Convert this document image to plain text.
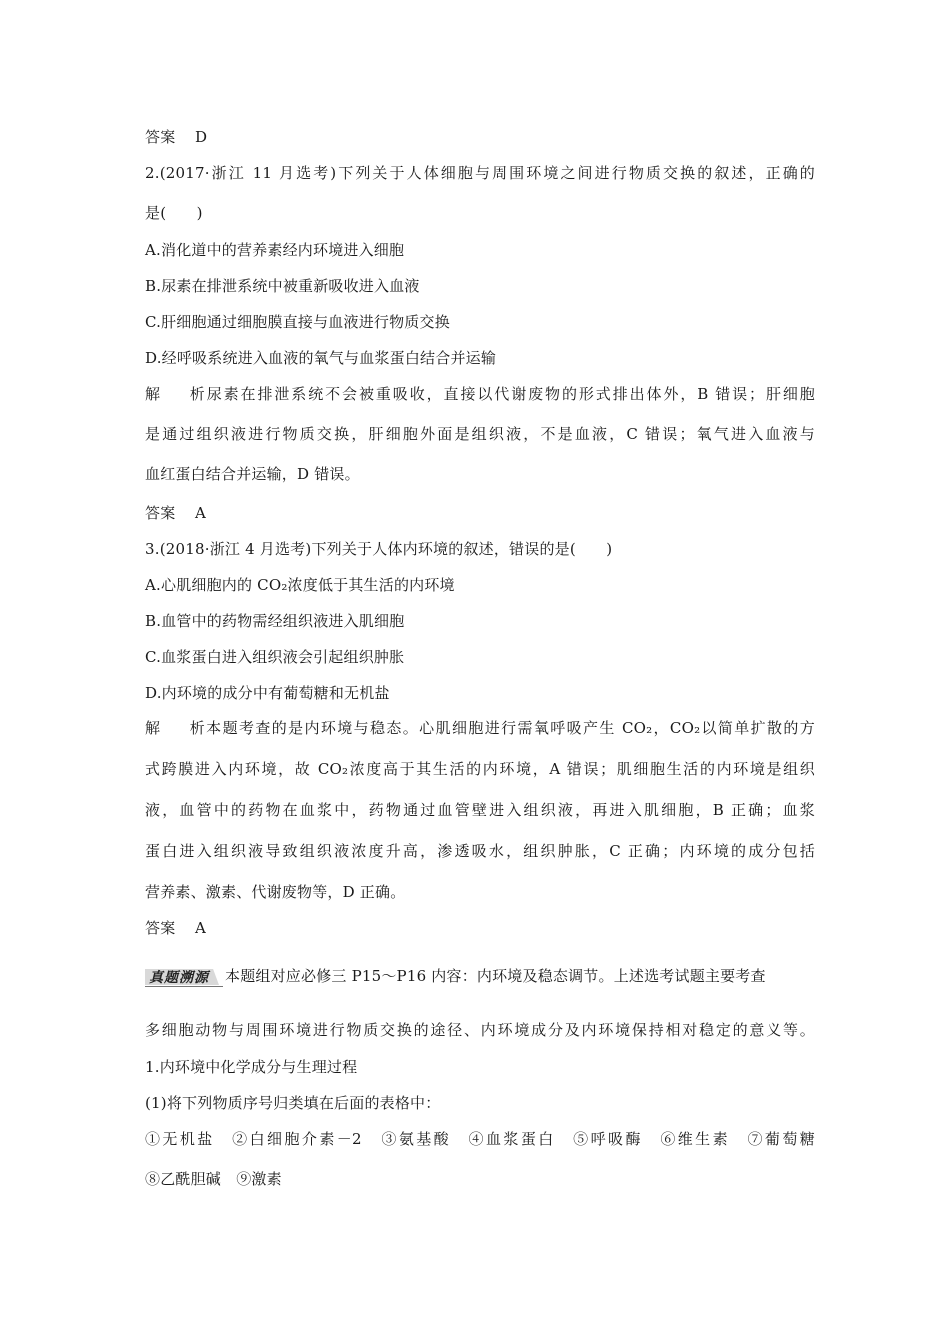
答案 D
2.(2017·浙江 11 月选考)下列关于人体细胞与周围环境之间进行物质交换的叙述，正确的
是(　　)
A.消化道中的营养素经内环境进入细胞
B.尿素在排泄系统中被重新吸收进入血液
C.肝细胞通过细胞膜直接与血液进行物质交换
D.经呼吸系统进入血液的氧气与血浆蛋白结合并运输
解析尿素在排泄系统不会被重吸收，直接以代谢废物的形式排出体外，B 错误；肝细胞
是通过组织液进行物质交换，肝细胞外面是组织液，不是血液，C 错误；氧气进入血液与
血红蛋白结合并运输，D 错误。
答案 A
3.(2018·浙江 4 月选考)下列关于人体内环境的叙述，错误的是(　　)
A.心肌细胞内的 CO₂浓度低于其生活的内环境
B.血管中的药物需经组织液进入肌细胞
C.血浆蛋白进入组织液会引起组织肿胀
D.内环境的成分中有葡萄糖和无机盐
解析本题考查的是内环境与稳态。心肌细胞进行需氧呼吸产生 CO₂，CO₂以简单扩散的方
式跨膜进入内环境，故 CO₂浓度高于其生活的内环境，A 错误；肌细胞生活的内环境是组织
液，血管中的药物在血浆中，药物通过血管壁进入组织液，再进入肌细胞，B 正确；血浆
蛋白进入组织液导致组织液浓度升高，渗透吸水，组织肿胀，C 正确；内环境的成分包括
营养素、激素、代谢废物等，D 正确。
答案 A
真题溯源 本题组对应必修三 P15～P16 内容：内环境及稳态调节。上述选考试题主要考查
多细胞动物与周围环境进行物质交换的途径、内环境成分及内环境保持相对稳定的意义等。
1.内环境中化学成分与生理过程
(1)将下列物质序号归类填在后面的表格中：
①无机盐　②白细胞介素－2　③氨基酸　④血浆蛋白　⑤呼吸酶　⑥维生素　⑦葡萄糖
⑧乙酰胆碱　⑨激素
